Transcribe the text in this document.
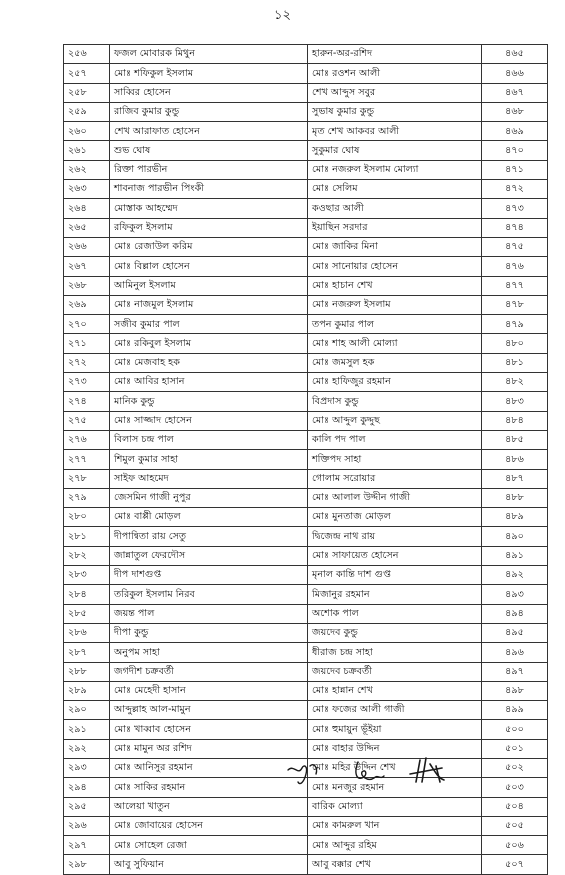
১২
২৫৬	ফজল মোবারক মিথুন	হারুন-অর-রশিদ	৪৬৫
২৫৭	মোঃ শফিকুল ইসলাম	মোঃ রওশন আলী	৪৬৬
২৫৮	সাব্বির হোসেন	শেখ আব্দুস সবুর	৪৬৭
২৫৯	রাজিব কুমার কুন্ডু	সুভাষ কুমার কুন্ডু	৪৬৮
২৬০	শেখ আরাফাত হোসেন	মৃত শেখ আকবর আলী	৪৬৯
২৬১	শুভ ঘোষ	সুকুমার ঘোষ	৪৭০
২৬২	রিক্তা পারভীন	মোঃ নজরুল ইসলাম মোল্যা	৪৭১
২৬৩	শাবনাজ পারভীন পিংকী	মোঃ সেলিম	৪৭২
২৬৪	মোস্তাক আহম্মেদ	কওছার আলী	৪৭৩
২৬৫	রফিকুল ইসলাম	ইয়াছিন সরদার	৪৭৪
২৬৬	মোঃ রেজাউল করিম	মোঃ জাকির মিনা	৪৭৫
২৬৭	মোঃ বিল্লাল হোসেন	মোঃ সানোয়ার হোসেন	৪৭৬
২৬৮	আমিনুল ইসলাম	মোঃ হাচান শেখ	৪৭৭
২৬৯	মোঃ নাজমুল ইসলাম	মোঃ নজরুল ইসলাম	৪৭৮
২৭০	সজীব কুমার পাল	তপন কুমার পাল	৪৭৯
২৭১	মোঃ রকিবুল ইসলাম	মোঃ শাহ আলী মোল্যা	৪৮০
২৭২	মোঃ মেজবাহ হক	মোঃ জমসুল হক	৪৮১
২৭৩	মোঃ আবির হাসান	মোঃ হাফিজুর রহমান	৪৮২
২৭৪	মানিক কুন্ডু	বিপ্রদাস কুন্ডু	৪৮৩
২৭৫	মোঃ সাজ্জাদ হোসেন	মোঃ আব্দুল কুদ্দুছ	৪৮৪
২৭৬	বিলাস চন্দ্র পাল	কালি পদ পাল	৪৮৫
২৭৭	শিমুল কুমার সাহা	শক্তিপদ সাহা	৪৮৬
২৭৮	সাইফ আহমেদ	গোলাম সরোয়ার	৪৮৭
২৭৯	জেসমিন গাজী নুপুর	মোঃ আলাল উদ্দীন গাজী	৪৮৮
২৮০	মোঃ বাপ্পী মোড়ল	মোঃ মুনতাজ মোড়ল	৪৮৯
২৮১	দীপান্বিতা রায় সেতু	দ্বিজেন্দ্র নাথ রায়	৪৯০
২৮২	জান্নাতুল ফেরদৌস	মোঃ সাফায়েত হোসেন	৪৯১
২৮৩	দীপ দাশগুপ্ত	মৃনাল কান্তি দাশ গুপ্ত	৪৯২
২৮৪	তরিকুল ইসলাম নিরব	মিজানুর রহমান	৪৯৩
২৮৫	জয়ন্ত পাল	অশোক পাল	৪৯৪
২৮৬	দীপা কুন্ডু	জয়দেব কুন্ডু	৪৯৫
২৮৭	অনুপম সাহা	ধীরাজ চন্দ্র সাহা	৪৯৬
২৮৮	জগদীশ চক্রবর্তী	জয়দেব চক্রবর্তী	৪৯৭
২৮৯	মোঃ মেহেদী হাসান	মোঃ হান্নান শেখ	৪৯৮
২৯০	আব্দুল্লাহ আল-মামুন	মোঃ ফজের আলী গাজী	৪৯৯
২৯১	মোঃ খাব্বাব হোসেন	মোঃ হুমায়ুন ভূঁইয়া	৫০০
২৯২	মোঃ মামুন অর রশিদ	মোঃ বাহার উদ্দিন	৫০১
২৯৩	মোঃ আনিসুর রহমান	মোঃ মহির উদ্দিন শেখ	৫০২
২৯৪	মোঃ সাকির রহমান	মোঃ মনজুর রহমান	৫০৩
২৯৫	আলেয়া খাতুন	বারিক মোল্যা	৫০৪
২৯৬	মোঃ জোবায়ের হোসেন	মোঃ কামরুল খান	৫০৫
২৯৭	মোঃ সোহেল রেজা	মোঃ আব্দুর রহিম	৫০৬
২৯৮	আবু সুফিয়ান	আবু বক্কার শেখ	৫০৭
